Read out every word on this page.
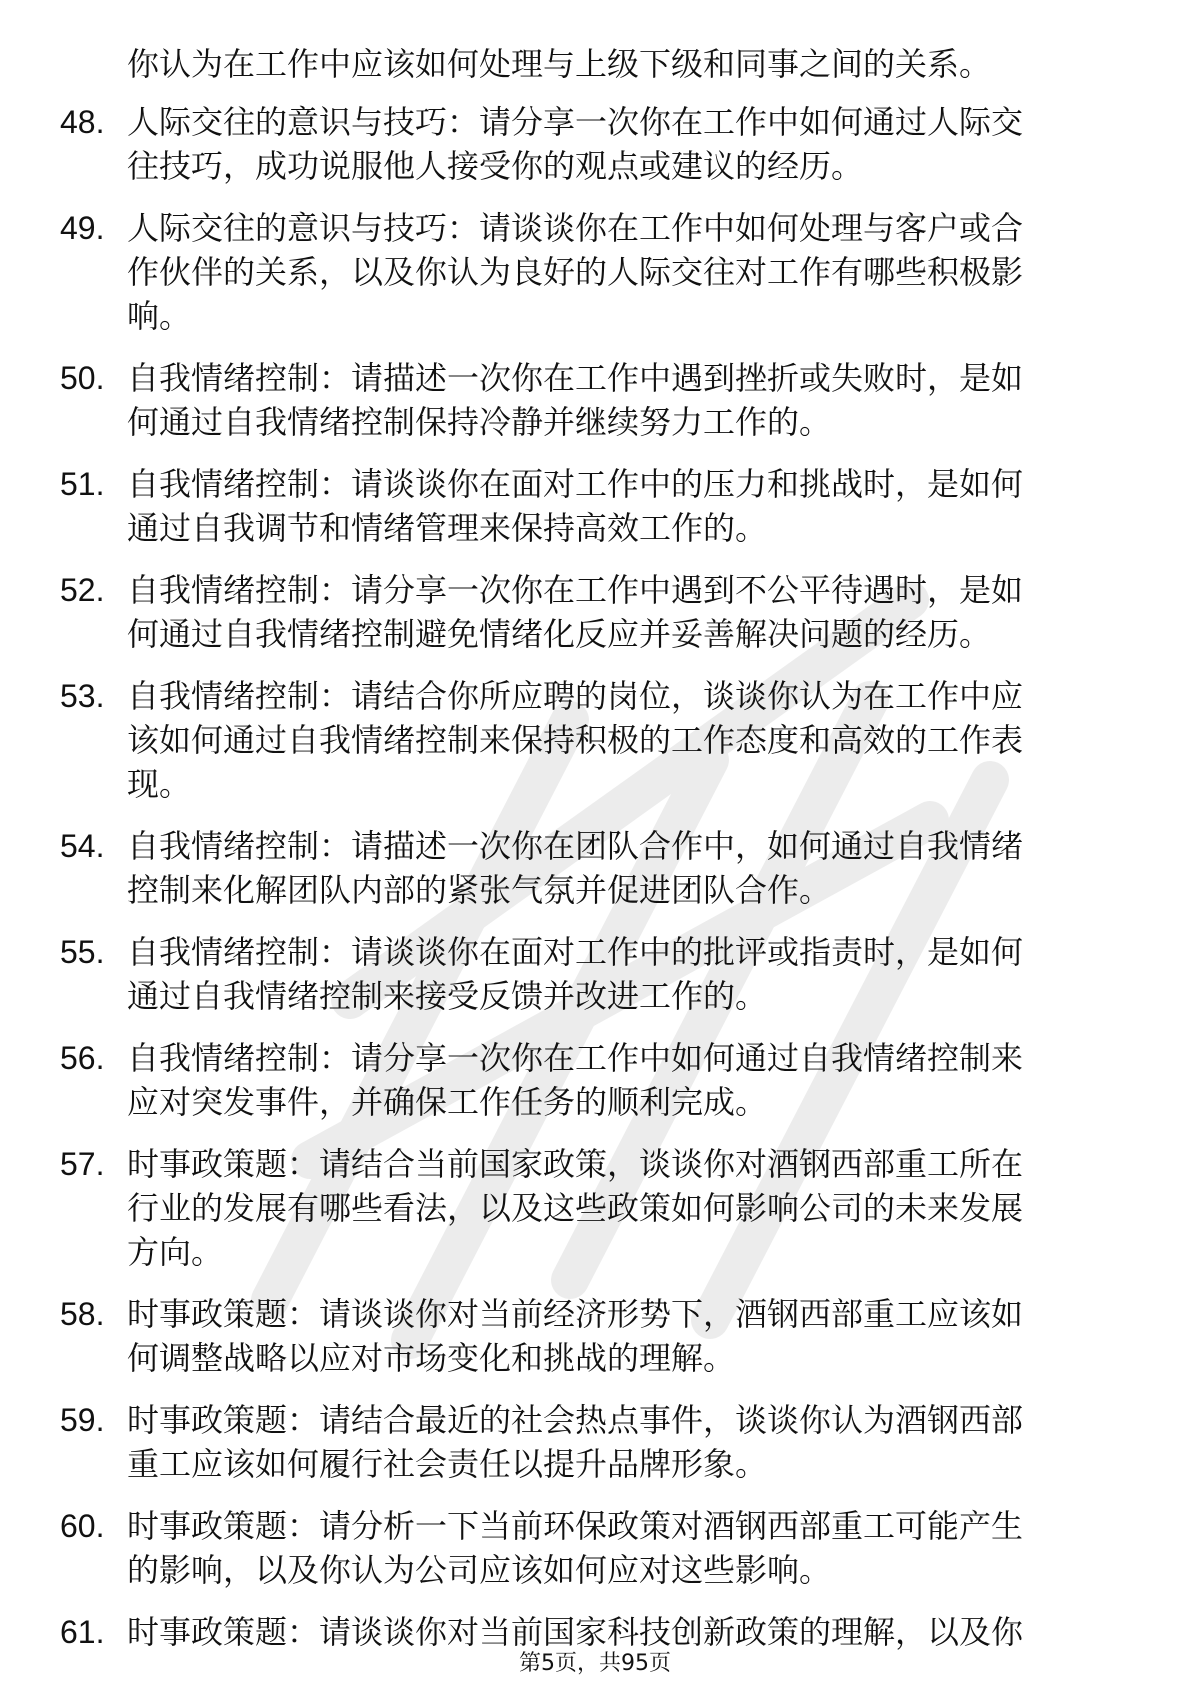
你认为在工作中应该如何处理与上级下级和同事之间的关系。
48. 人际交往的意识与技巧：请分享一次你在工作中如何通过人际交
往技巧，成功说服他人接受你的观点或建议的经历。
49. 人际交往的意识与技巧：请谈谈你在工作中如何处理与客户或合
作伙伴的关系，以及你认为良好的人际交往对工作有哪些积极影
响。
50. 自我情绪控制：请描述一次你在工作中遇到挫折或失败时，是如
何通过自我情绪控制保持冷静并继续努力工作的。
51. 自我情绪控制：请谈谈你在面对工作中的压力和挑战时，是如何
通过自我调节和情绪管理来保持高效工作的。
52. 自我情绪控制：请分享一次你在工作中遇到不公平待遇时，是如
何通过自我情绪控制避免情绪化反应并妥善解决问题的经历。
53. 自我情绪控制：请结合你所应聘的岗位，谈谈你认为在工作中应
该如何通过自我情绪控制来保持积极的工作态度和高效的工作表
现。
54. 自我情绪控制：请描述一次你在团队合作中，如何通过自我情绪
控制来化解团队内部的紧张气氛并促进团队合作。
55. 自我情绪控制：请谈谈你在面对工作中的批评或指责时，是如何
通过自我情绪控制来接受反馈并改进工作的。
56. 自我情绪控制：请分享一次你在工作中如何通过自我情绪控制来
应对突发事件，并确保工作任务的顺利完成。
57. 时事政策题：请结合当前国家政策，谈谈你对酒钢西部重工所在
行业的发展有哪些看法，以及这些政策如何影响公司的未来发展
方向。
58. 时事政策题：请谈谈你对当前经济形势下，酒钢西部重工应该如
何调整战略以应对市场变化和挑战的理解。
59. 时事政策题：请结合最近的社会热点事件，谈谈你认为酒钢西部
重工应该如何履行社会责任以提升品牌形象。
60. 时事政策题：请分析一下当前环保政策对酒钢西部重工可能产生
的影响，以及你认为公司应该如何应对这些影响。
61. 时事政策题：请谈谈你对当前国家科技创新政策的理解，以及你
第5页，共95页
